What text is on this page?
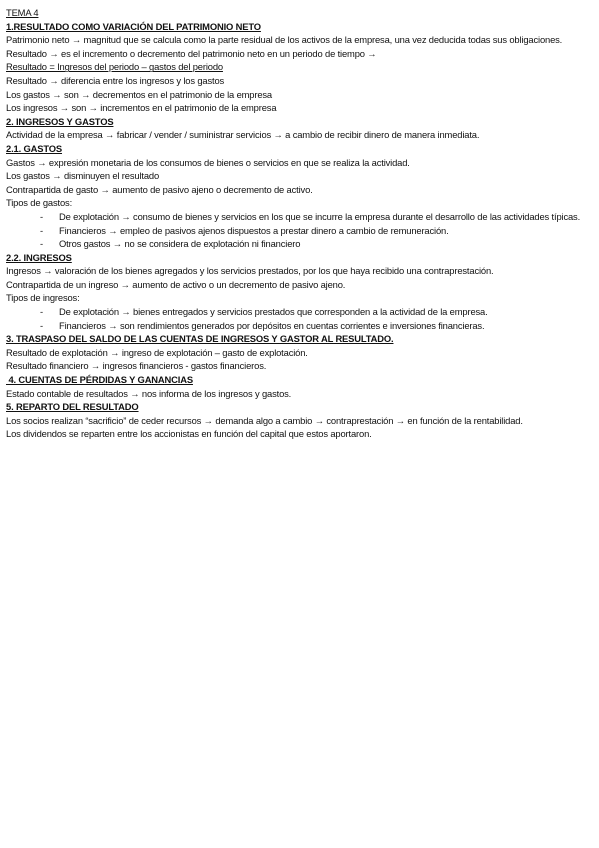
TEMA 4
1.RESULTADO COMO VARIACIÓN DEL PATRIMONIO NETO
Patrimonio neto → magnitud que se calcula como la parte residual de los activos de la empresa, una vez deducida todas sus obligaciones.
Resultado → es el incremento o decremento del patrimonio neto en un periodo de tiempo →
Resultado = Ingresos del periodo – gastos del periodo
Resultado → diferencia entre los ingresos y los gastos
Los gastos → son → decrementos en el patrimonio de la empresa
Los ingresos → son → incrementos en el patrimonio de la empresa
2. INGRESOS Y GASTOS
Actividad de la empresa → fabricar / vender / suministrar servicios → a cambio de recibir dinero de manera inmediata.
2.1. GASTOS
Gastos → expresión monetaria de los consumos de bienes o servicios en que se realiza la actividad.
Los gastos → disminuyen el resultado
Contrapartida de gasto → aumento de pasivo ajeno o decremento de activo.
Tipos de gastos:
- De explotación → consumo de bienes y servicios en los que se incurre la empresa durante el desarrollo de las actividades típicas.
- Financieros → empleo de pasivos ajenos dispuestos a prestar dinero a cambio de remuneración.
- Otros gastos → no se considera de explotación ni financiero
2.2. INGRESOS
Ingresos → valoración de los bienes agregados y los servicios prestados, por los que haya recibido una contraprestación.
Contrapartida de un ingreso → aumento de activo o un decremento de pasivo ajeno.
Tipos de ingresos:
- De explotación → bienes entregados y servicios prestados que corresponden a la actividad de la empresa.
- Financieros → son rendimientos generados por depósitos en cuentas corrientes e inversiones financieras.
3. TRASPASO DEL SALDO DE LAS CUENTAS DE INGRESOS Y GASTOR AL RESULTADO.
Resultado de explotación → ingreso de explotación – gasto de explotación.
Resultado financiero → ingresos financieros - gastos financieros.
4. CUENTAS DE PÉRDIDAS Y GANANCIAS
Estado contable de resultados → nos informa de los ingresos y gastos.
5. REPARTO DEL RESULTADO
Los socios realizan “sacrificio” de ceder recursos → demanda algo a cambio → contraprestación → en función de la rentabilidad.
Los dividendos se reparten entre los accionistas en función del capital que estos aportaron.
